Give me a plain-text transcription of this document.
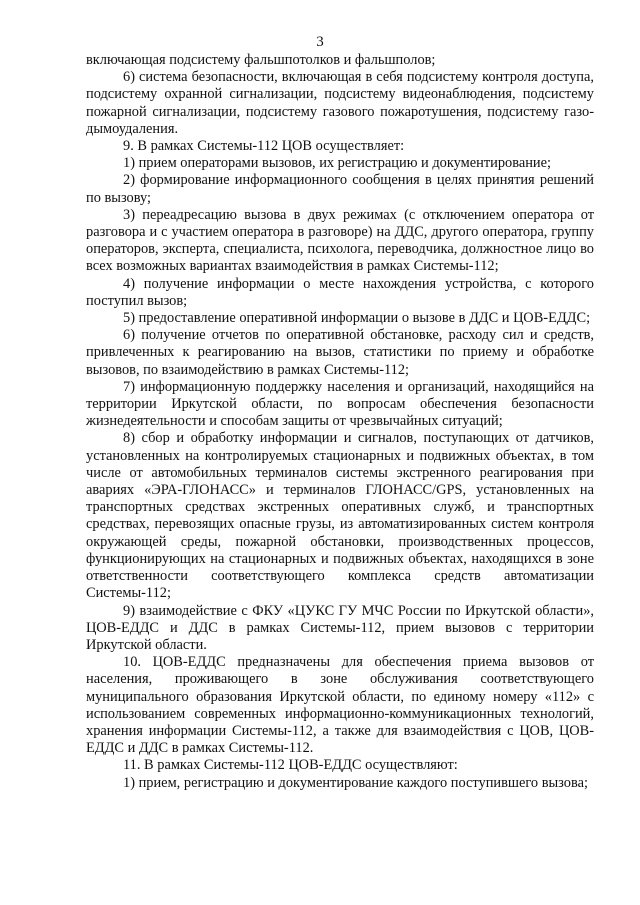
3

включающая подсистему фальшпотолков и фальшполов;

6) система безопасности, включающая в себя подсистему контроля доступа, подсистему охранной сигнализации, подсистему видеонаблюдения, подсистему пожарной сигнализации, подсистему газового пожаротушения, подсистему газо-дымоудаления.

9. В рамках Системы-112 ЦОВ осуществляет:

1) прием операторами вызовов, их регистрацию и документирование;

2) формирование информационного сообщения в целях принятия решений по вызову;

3) переадресацию вызова в двух режимах (с отключением оператора от разговора и с участием оператора в разговоре) на ДДС, другого оператора, группу операторов, эксперта, специалиста, психолога, переводчика, должностное лицо во всех возможных вариантах взаимодействия в рамках Системы-112;

4) получение информации о месте нахождения устройства, с которого поступил вызов;

5) предоставление оперативной информации о вызове в ДДС и ЦОВ-ЕДДС;

6) получение отчетов по оперативной обстановке, расходу сил и средств, привлеченных к реагированию на вызов, статистики по приему и обработке вызовов, по взаимодействию в рамках Системы-112;

7) информационную поддержку населения и организаций, находящийся на территории Иркутской области, по вопросам обеспечения безопасности жизнедеятельности и способам защиты от чрезвычайных ситуаций;

8) сбор и обработку информации и сигналов, поступающих от датчиков, установленных на контролируемых стационарных и подвижных объектах, в том числе от автомобильных терминалов системы экстренного реагирования при авариях «ЭРА-ГЛОНАСС» и терминалов ГЛОНАСС/GPS, установленных на транспортных средствах экстренных оперативных служб, и транспортных средствах, перевозящих опасные грузы, из автоматизированных систем контроля окружающей среды, пожарной обстановки, производственных процессов, функционирующих на стационарных и подвижных объектах, находящихся в зоне ответственности соответствующего комплекса средств автоматизации Системы-112;

9) взаимодействие с ФКУ «ЦУКС ГУ МЧС России по Иркутской области», ЦОВ-ЕДДС и ДДС в рамках Системы-112, прием вызовов с территории Иркутской области.

10. ЦОВ-ЕДДС предназначены для обеспечения приема вызовов от населения, проживающего в зоне обслуживания соответствующего муниципального образования Иркутской области, по единому номеру «112» с использованием современных информационно-коммуникационных технологий, хранения информации Системы-112, а также для взаимодействия с ЦОВ, ЦОВ-ЕДДС и ДДС в рамках Системы-112.

11. В рамках Системы-112 ЦОВ-ЕДДС осуществляют:

1) прием, регистрацию и документирование каждого поступившего вызова;
